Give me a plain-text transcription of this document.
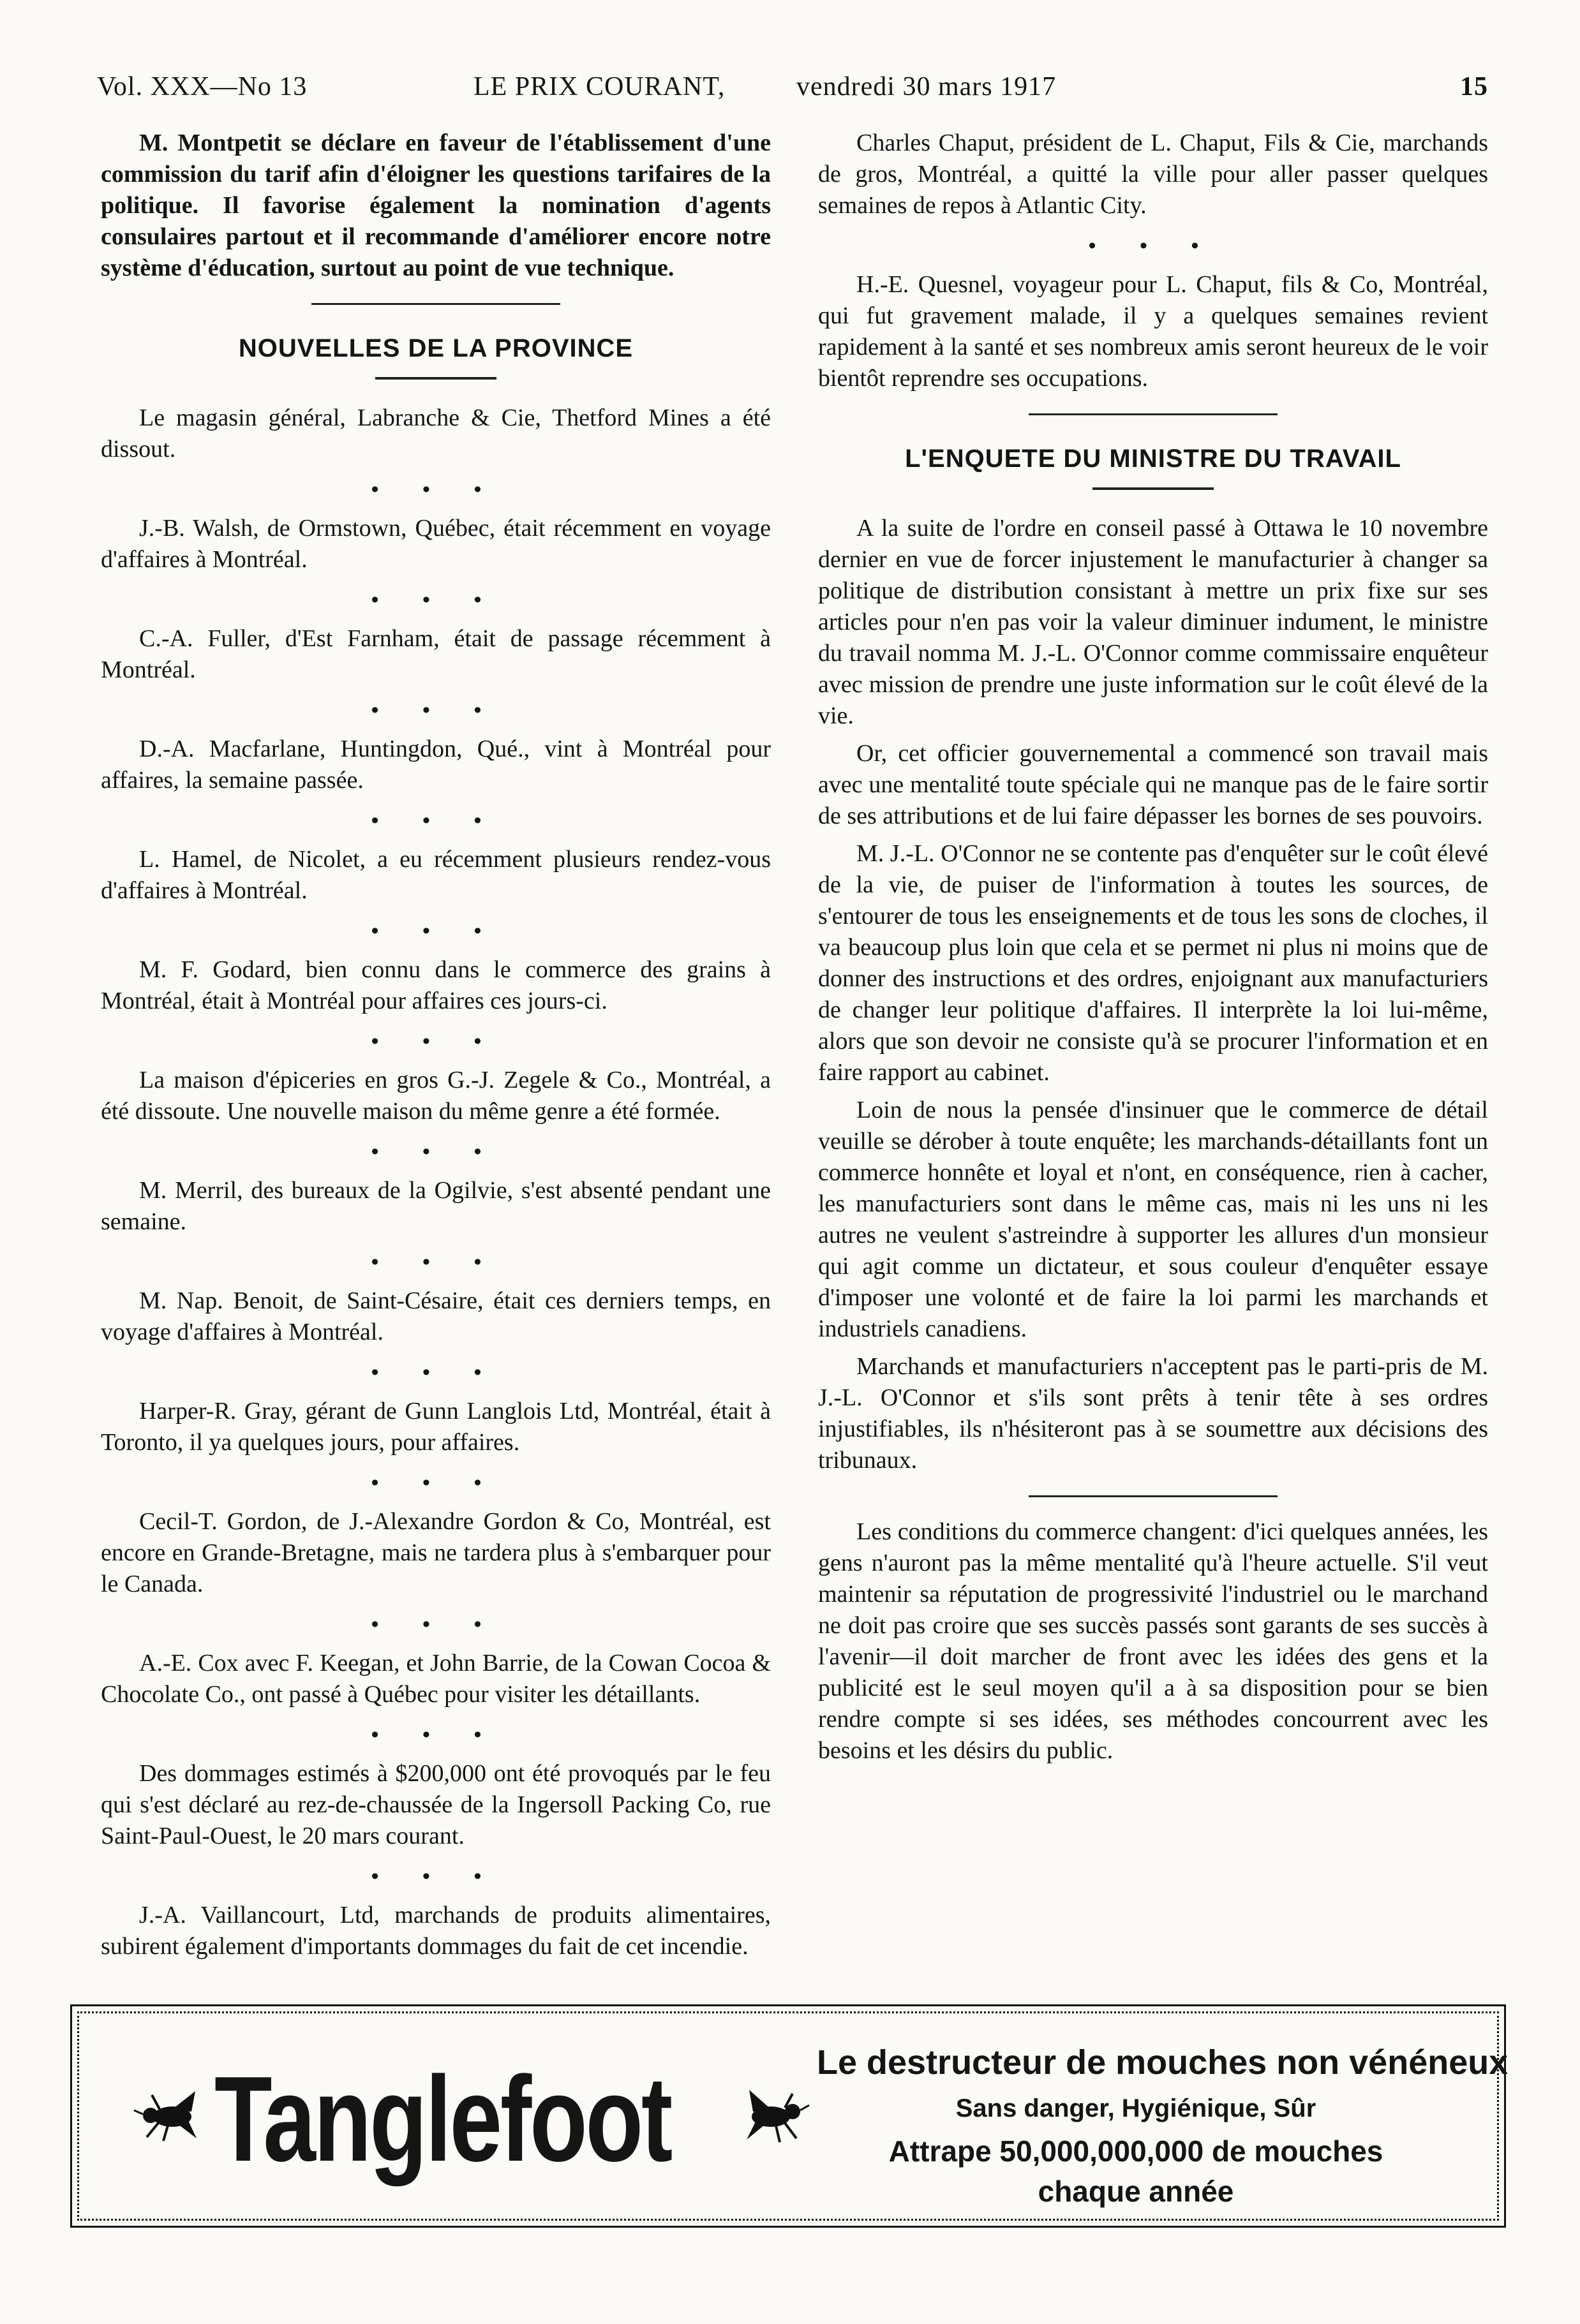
Vol. XXX—No 13	LE PRIX COURANT,	vendredi 30 mars 1917	15

M. Montpetit se déclare en faveur de l'établissement d'une commission du tarif afin d'éloigner les questions tarifaires de la politique. Il favorise également la nomination d'agents consulaires partout et il recommande d'améliorer encore notre système d'éducation, surtout au point de vue technique.

NOUVELLES DE LA PROVINCE

Le magasin général, Labranche & Cie, Thetford Mines a été dissout.

• • •

J.-B. Walsh, de Ormstown, Québec, était récemment en voyage d'affaires à Montréal.

• • •

C.-A. Fuller, d'Est Farnham, était de passage récemment à Montréal.

• • •

D.-A. Macfarlane, Huntingdon, Qué., vint à Montréal pour affaires, la semaine passée.

• • •

L. Hamel, de Nicolet, a eu récemment plusieurs rendez-vous d'affaires à Montréal.

• • •

M. F. Godard, bien connu dans le commerce des grains à Montréal, était à Montréal pour affaires ces jours-ci.

• • •

La maison d'épiceries en gros G.-J. Zegele & Co., Montréal, a été dissoute. Une nouvelle maison du même genre a été formée.

• • •

M. Merril, des bureaux de la Ogilvie, s'est absenté pendant une semaine.

• • •

M. Nap. Benoit, de Saint-Césaire, était ces derniers temps, en voyage d'affaires à Montréal.

• • •

Harper-R. Gray, gérant de Gunn Langlois Ltd, Montréal, était à Toronto, il ya quelques jours, pour affaires.

• • •

Cecil-T. Gordon, de J.-Alexandre Gordon & Co, Montréal, est encore en Grande-Bretagne, mais ne tardera plus à s'embarquer pour le Canada.

• • •

A.-E. Cox avec F. Keegan, et John Barrie, de la Cowan Cocoa & Chocolate Co., ont passé à Québec pour visiter les détaillants.

• • •

Des dommages estimés à $200,000 ont été provoqués par le feu qui s'est déclaré au rez-de-chaussée de la Ingersoll Packing Co, rue Saint-Paul-Ouest, le 20 mars courant.

• • •

J.-A. Vaillancourt, Ltd, marchands de produits alimentaires, subirent également d'importants dommages du fait de cet incendie.

Charles Chaput, président de L. Chaput, Fils & Cie, marchands de gros, Montréal, a quitté la ville pour aller passer quelques semaines de repos à Atlantic City.

• • •

H.-E. Quesnel, voyageur pour L. Chaput, fils & Co, Montréal, qui fut gravement malade, il y a quelques semaines revient rapidement à la santé et ses nombreux amis seront heureux de le voir bientôt reprendre ses occupations.

L'ENQUETE DU MINISTRE DU TRAVAIL

A la suite de l'ordre en conseil passé à Ottawa le 10 novembre dernier en vue de forcer injustement le manufacturier à changer sa politique de distribution consistant à mettre un prix fixe sur ses articles pour n'en pas voir la valeur diminuer indument, le ministre du travail nomma M. J.-L. O'Connor comme commissaire enquêteur avec mission de prendre une juste information sur le coût élevé de la vie.

Or, cet officier gouvernemental a commencé son travail mais avec une mentalité toute spéciale qui ne manque pas de le faire sortir de ses attributions et de lui faire dépasser les bornes de ses pouvoirs.

M. J.-L. O'Connor ne se contente pas d'enquêter sur le coût élevé de la vie, de puiser de l'information à toutes les sources, de s'entourer de tous les enseignements et de tous les sons de cloches, il va beaucoup plus loin que cela et se permet ni plus ni moins que de donner des instructions et des ordres, enjoignant aux manufacturiers de changer leur politique d'affaires. Il interprète la loi lui-même, alors que son devoir ne consiste qu'à se procurer l'information et en faire rapport au cabinet.

Loin de nous la pensée d'insinuer que le commerce de détail veuille se dérober à toute enquête; les marchands-détaillants font un commerce honnête et loyal et n'ont, en conséquence, rien à cacher, les manufacturiers sont dans le même cas, mais ni les uns ni les autres ne veulent s'astreindre à supporter les allures d'un monsieur qui agit comme un dictateur, et sous couleur d'enquêter essaye d'imposer une volonté et de faire la loi parmi les marchands et industriels canadiens.

Marchands et manufacturiers n'acceptent pas le parti-pris de M. J.-L. O'Connor et s'ils sont prêts à tenir tête à ses ordres injustifiables, ils n'hésiteront pas à se soumettre aux décisions des tribunaux.

Les conditions du commerce changent: d'ici quelques années, les gens n'auront pas la même mentalité qu'à l'heure actuelle. S'il veut maintenir sa réputation de progressivité l'industriel ou le marchand ne doit pas croire que ses succès passés sont garants de ses succès à l'avenir—il doit marcher de front avec les idées des gens et la publicité est le seul moyen qu'il a à sa disposition pour se bien rendre compte si ses idées, ses méthodes concourrent avec les besoins et les désirs du public.

Tanglefoot	Le destructeur de mouches non vénéneux
Sans danger, Hygiénique, Sûr
Attrape 50,000,000,000 de mouches
chaque année
